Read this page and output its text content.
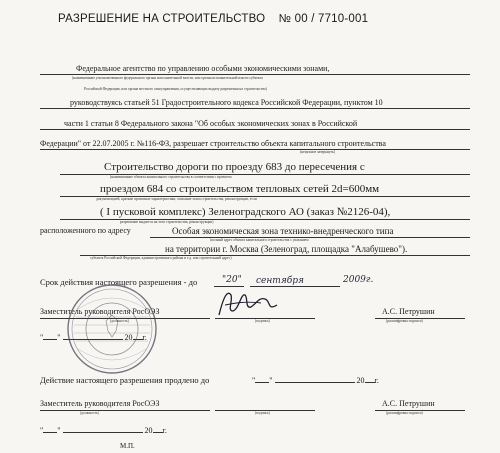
РАЗРЕШЕНИЕ НА СТРОИТЕЛЬСТВО № 00 / 7710-001
Федеральное агентство по управлению особыми экономическими зонами,
(наименование уполномоченного федерального органа исполнительной власти, или органа исполнительной власти субъекта
Российской Федерации, или органа местного самоуправления, осуществляющих выдачу разрешения на строительство)
руководствуясь статьей 51 Градостроительного кодекса Российской Федерации, пунктом 10
части 1 статьи 8 Федерального закона "Об особых экономических зонах в Российской
Федерации" от 22.07.2005 г. №116-ФЗ, разрешает строительство объекта капитального строительства
(ненужное зачеркнуть)
Строительство дороги по проезду 683 до пересечения с
(наименование объекта капитального строительства в соответствии с проектом
проездом 684 со строительством тепловых сетей 2d=600мм
документацией, краткие проектные характеристики, описание этапа строительства, реконструкции, если
( I пусковой комплекс) Зеленоградского АО (заказ №2126-04),
разрешение выдается на этап строительства, реконструкции)
расположенного по адресу	Особая экономическая зона технико-внедренческого типа
(полный адрес объекта капитального строительства с указанием
на территории г. Москва (Зеленоград, площадка "Алабушево").
субъекта Российской Федерации, административного района и т.д. или строительный адрес)
Срок действия настоящего разрешения - до	"20" сентября	2009г.
Заместитель руководителя РосОЭЗ
(должность)	(подпись)
А.С. Петрушин
(расшифровка подписи)
" "	20 г.
Действие настоящего разрешения продлено до	" "	20 г.
Заместитель руководителя РосОЭЗ
(должность)	(подпись)
А.С. Петрушин
(расшифровка подписи)
" "	20 г.
М.П.
